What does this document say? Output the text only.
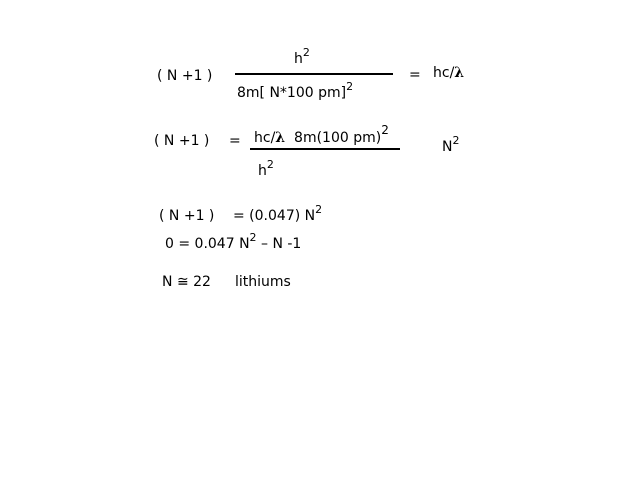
( N +1 )
$h^2$
8m[ N*100 pm]$^2$
= hc/λ
( N +1 ) = hc/λ 8m(100 pm)2
$h^2$
$N^2$
( N +1 ) = (0.047) $N^2$
0 = 0.047 $N^2$ – N -1
N ≅ 22 lithiums
